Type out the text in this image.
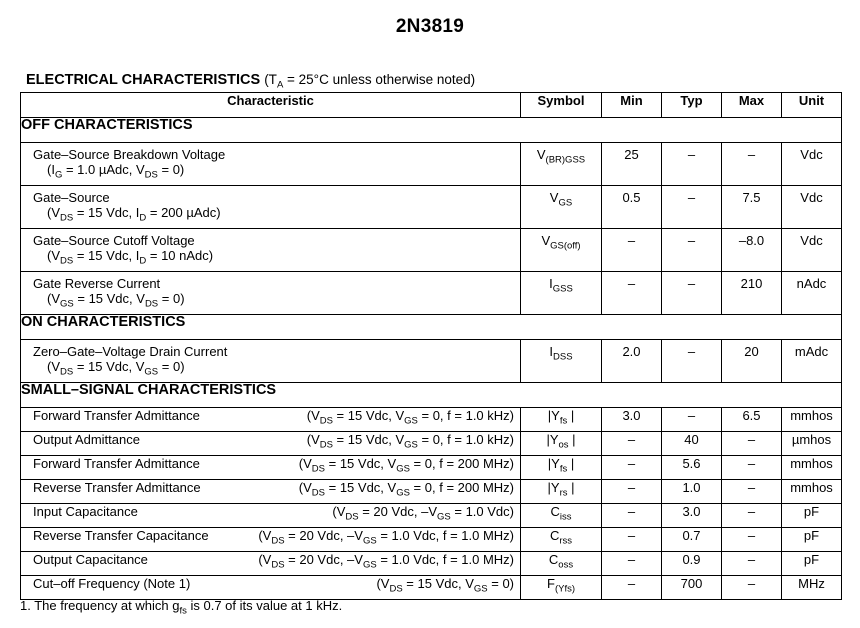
2N3819
ELECTRICAL CHARACTERISTICS ($T_A = 25^\circ C$ unless otherwise noted)
Characteristic	Symbol	Min	Typ	Max	Unit
OFF CHARACTERISTICS					
Gate–Source Breakdown Voltage
($I_G = 1.0$ µAdc, $V_{DS} = 0$)	$V_{(BR)GSS}$	25	–	–	Vdc
Gate–Source
($V_{DS} = 15$ Vdc, $I_D = 200$ µAdc)	$V_{GS}$	0.5	–	7.5	Vdc
Gate–Source Cutoff Voltage
($V_{DS} = 15$ Vdc, $I_D = 10$ nAdc)	$V_{GS(off)}$	–	–	–8.0	Vdc
Gate Reverse Current
($V_{GS} = 15$ Vdc, $V_{DS} = 0$)	$I_{GSS}$	–	–	210	nAdc
ON CHARACTERISTICS					
Zero–Gate–Voltage Drain Current
($V_{DS} = 15$ Vdc, $V_{GS} = 0$)	$I_{DSS}$	2.0	–	20	mAdc
SMALL–SIGNAL CHARACTERISTICS					

Forward Transfer Admittance ($V_{DS} = 15$ Vdc, $V_{GS} = 0$, f = 1.0 kHz)	$|Y_{fs}$ |	3.0	–	6.5	mmhos

Output Admittance ($V_{DS} = 15$ Vdc, $V_{GS} = 0$, f = 1.0 kHz)	$|Y_{os}$ |	–	40	–	µmhos

Forward Transfer Admittance ($V_{DS} = 15$ Vdc, $V_{GS} = 0$, f = 200 MHz)	$|Y_{fs}$ |	–	5.6	–	mmhos

Reverse Transfer Admittance ($V_{DS} = 15$ Vdc, $V_{GS} = 0$, f = 200 MHz)	$|Y_{rs}$ |	–	1.0	–	mmhos

Input Capacitance ($V_{DS} = 20$ Vdc, $-V_{GS} = 1.0$ Vdc)	$C_{iss}$	–	3.0	–	pF

Reverse Transfer Capacitance ($V_{DS} = 20$ Vdc, $-V_{GS} = 1.0$ Vdc, f = 1.0 MHz)	$C_{rss}$	–	0.7	–	pF

Output Capacitance ($V_{DS} = 20$ Vdc, $-V_{GS} = 1.0$ Vdc, f = 1.0 MHz)	$C_{oss}$	–	0.9	–	pF

Cut–off Frequency (Note 1) ($V_{DS} = 15$ Vdc, $V_{GS} = 0$)	$F_{(Yfs)}$	–	700	–	MHz
1. The frequency at which $g_{fs}$ is 0.7 of its value at 1 kHz.
